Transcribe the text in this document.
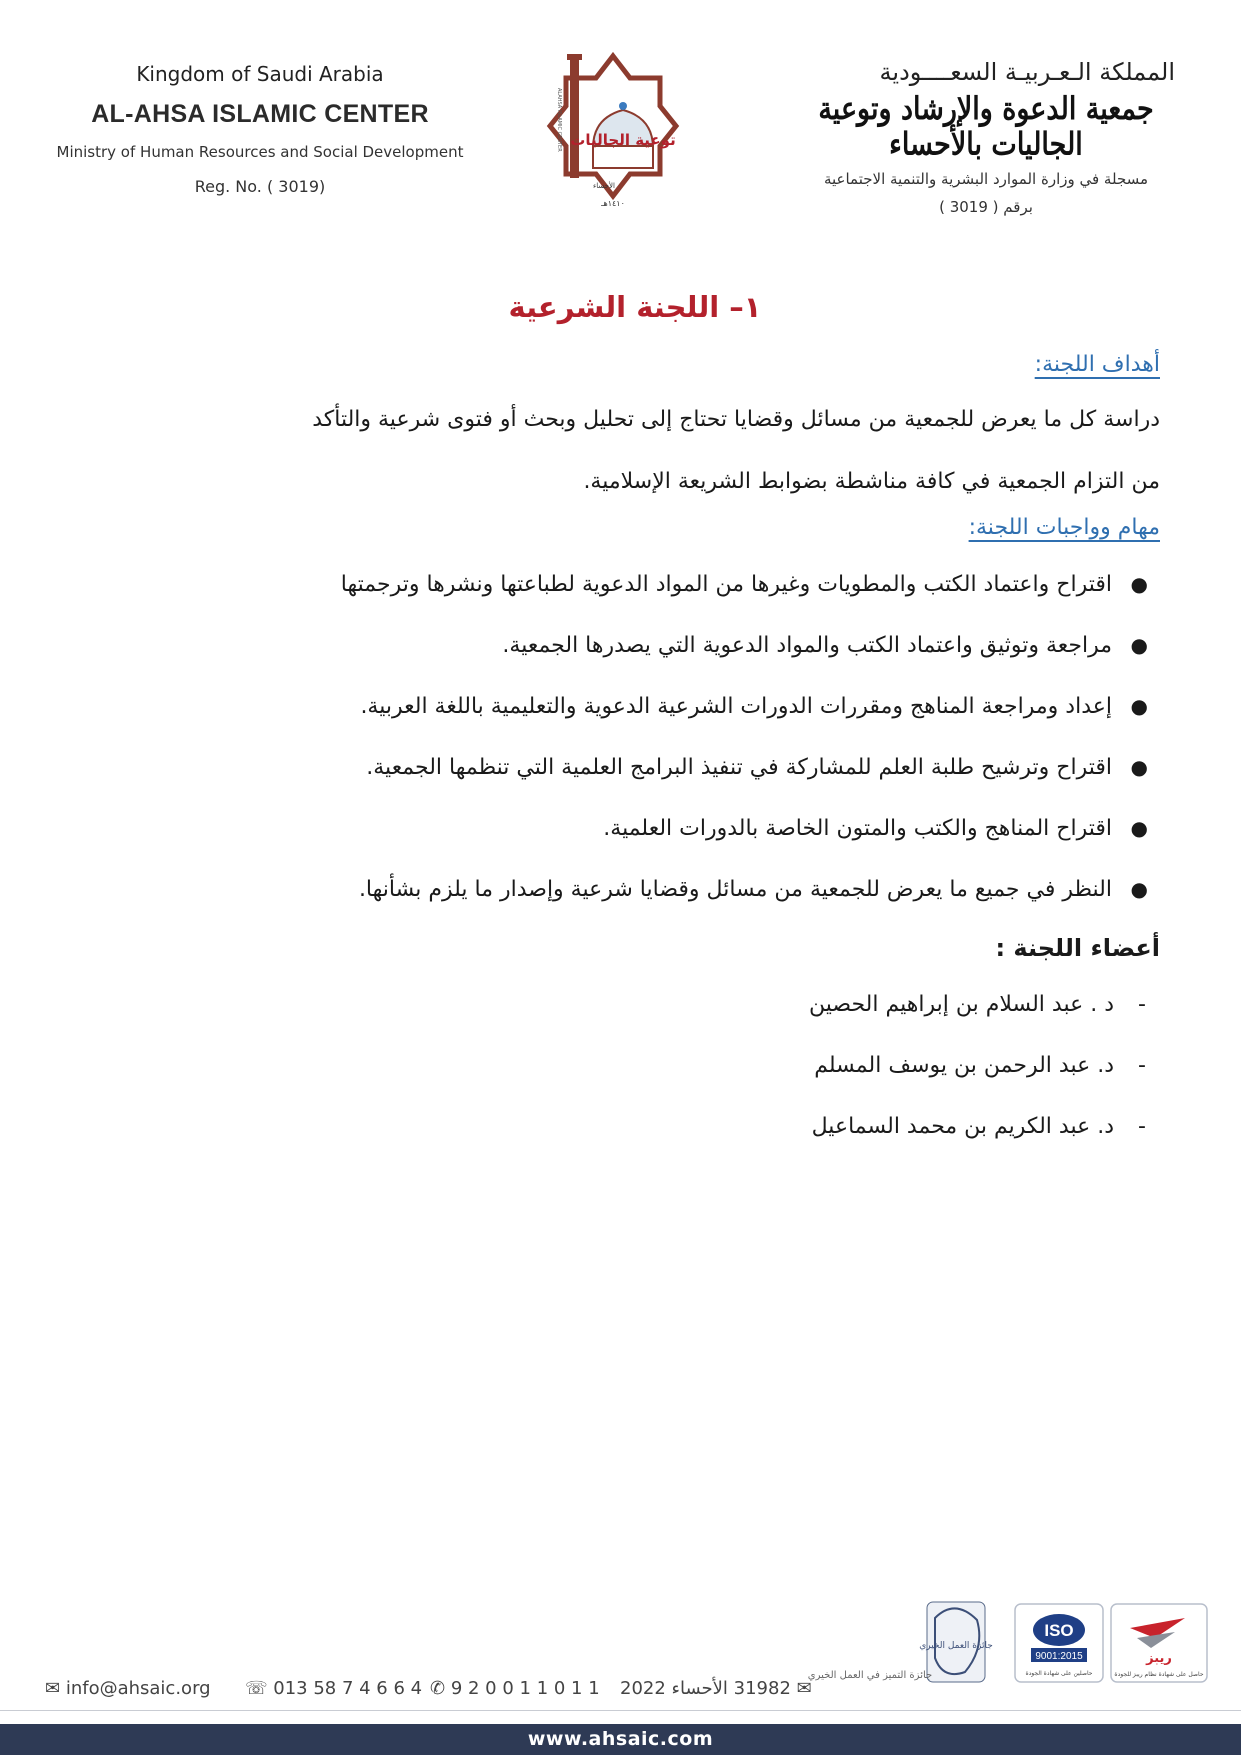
Kingdom of Saudi Arabia
AL-AHSA ISLAMIC CENTER
Ministry of Human Resources and Social Development
Reg. No. ( 3019)
توعية الجاليات
الأحساء
١٤١٠هـ
ALAHSA ISLAMIC CENTER
المملكة الـعـربيـة السعــــودية
جمعية الدعوة والإرشاد وتوعية الجاليات بالأحساء
مسجلة في وزارة الموارد البشرية والتنمية الاجتماعية
برقم ( 3019 )
١– اللجنة الشرعية
أهداف اللجنة:

دراسة كل ما يعرض للجمعية من مسائل وقضايا تحتاج إلى تحليل وبحث أو فتوى شرعية والتأكد

من التزام الجمعية في كافة مناشطة بضوابط الشريعة الإسلامية.

مهام وواجبات اللجنة:
●
اقتراح واعتماد الكتب والمطويات وغيرها من المواد الدعوية لطباعتها ونشرها وترجمتها
●
مراجعة وتوثيق واعتماد الكتب والمواد الدعوية التي يصدرها الجمعية.
●
إعداد ومراجعة المناهج ومقررات الدورات الشرعية الدعوية والتعليمية باللغة العربية.
●
اقتراح وترشيح طلبة العلم للمشاركة في تنفيذ البرامج العلمية التي تنظمها الجمعية.
●
اقتراح المناهج والكتب والمتون الخاصة بالدورات العلمية.
●
النظر في جميع ما يعرض للجمعية من مسائل وقضايا شرعية وإصدار ما يلزم بشأنها.
أعضاء اللجنة :
-
د . عبد السلام بن إبراهيم الحصين
-
د. عبد الرحمن بن يوسف المسلم
-
د. عبد الكريم بن محمد السماعيل
جائزة العمل الخيري
جائزة التميز في العمل الخيري
ISO
9001:2015
حاصلين على شهادة الجودة
ريبز
حاصل على شهادة نظام ريبز للجودة
✉ info@ahsaic.org ☏ 013 58 7 4 6 6 4 ✆ 9 2 0 0 1 1 0 1 1	✉ 31982 الأحساء 2022
www.ahsaic.com
